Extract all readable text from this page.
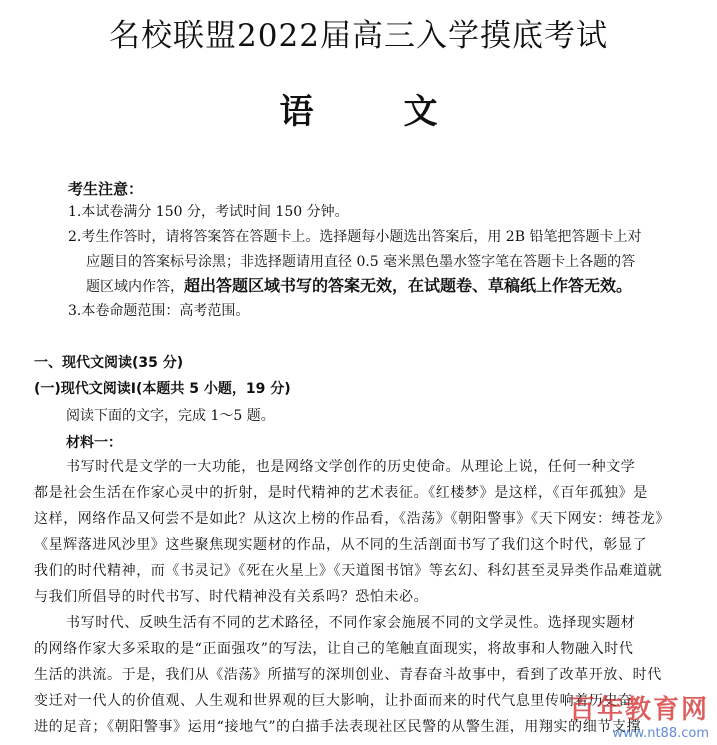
名校联盟2022届高三入学摸底考试
语文
考生注意：
1.本试卷满分 150 分，考试时间 150 分钟。
2.考生作答时，请将答案答在答题卡上。选择题每小题选出答案后，用 2B 铅笔把答题卡上对
应题目的答案标号涂黑；非选择题请用直径 0.5 毫米黑色墨水签字笔在答题卡上各题的答
题区域内作答，超出答题区域书写的答案无效，在试题卷、草稿纸上作答无效。
3.本卷命题范围：高考范围。
一、现代文阅读(35 分)
(一)现代文阅读Ⅰ(本题共 5 小题，19 分)
阅读下面的文字，完成 1～5 题。
材料一：
书写时代是文学的一大功能，也是网络文学创作的历史使命。从理论上说，任何一种文学
都是社会生活在作家心灵中的折射，是时代精神的艺术表征。《红楼梦》是这样，《百年孤独》是
这样，网络作品又何尝不是如此？从这次上榜的作品看，《浩荡》《朝阳警事》《天下网安：缚苍龙》
《星辉落进风沙里》这些聚焦现实题材的作品，从不同的生活剖面书写了我们这个时代，彰显了
我们的时代精神，而《书灵记》《死在火星上》《天道图书馆》等玄幻、科幻甚至灵异类作品难道就
与我们所倡导的时代书写、时代精神没有关系吗？恐怕未必。
书写时代、反映生活有不同的艺术路径，不同作家会施展不同的文学灵性。选择现实题材
的网络作家大多采取的是“正面强攻”的写法，让自己的笔触直面现实，将故事和人物融入时代
生活的洪流。于是，我们从《浩荡》所描写的深圳创业、青春奋斗故事中，看到了改革开放、时代
变迁对一代人的价值观、人生观和世界观的巨大影响，让扑面而来的时代气息里传响着历史奋
进的足音；《朝阳警事》运用“接地气”的白描手法表现社区民警的从警生涯，用翔实的细节支撑
百年教育网
www.nt88.com
